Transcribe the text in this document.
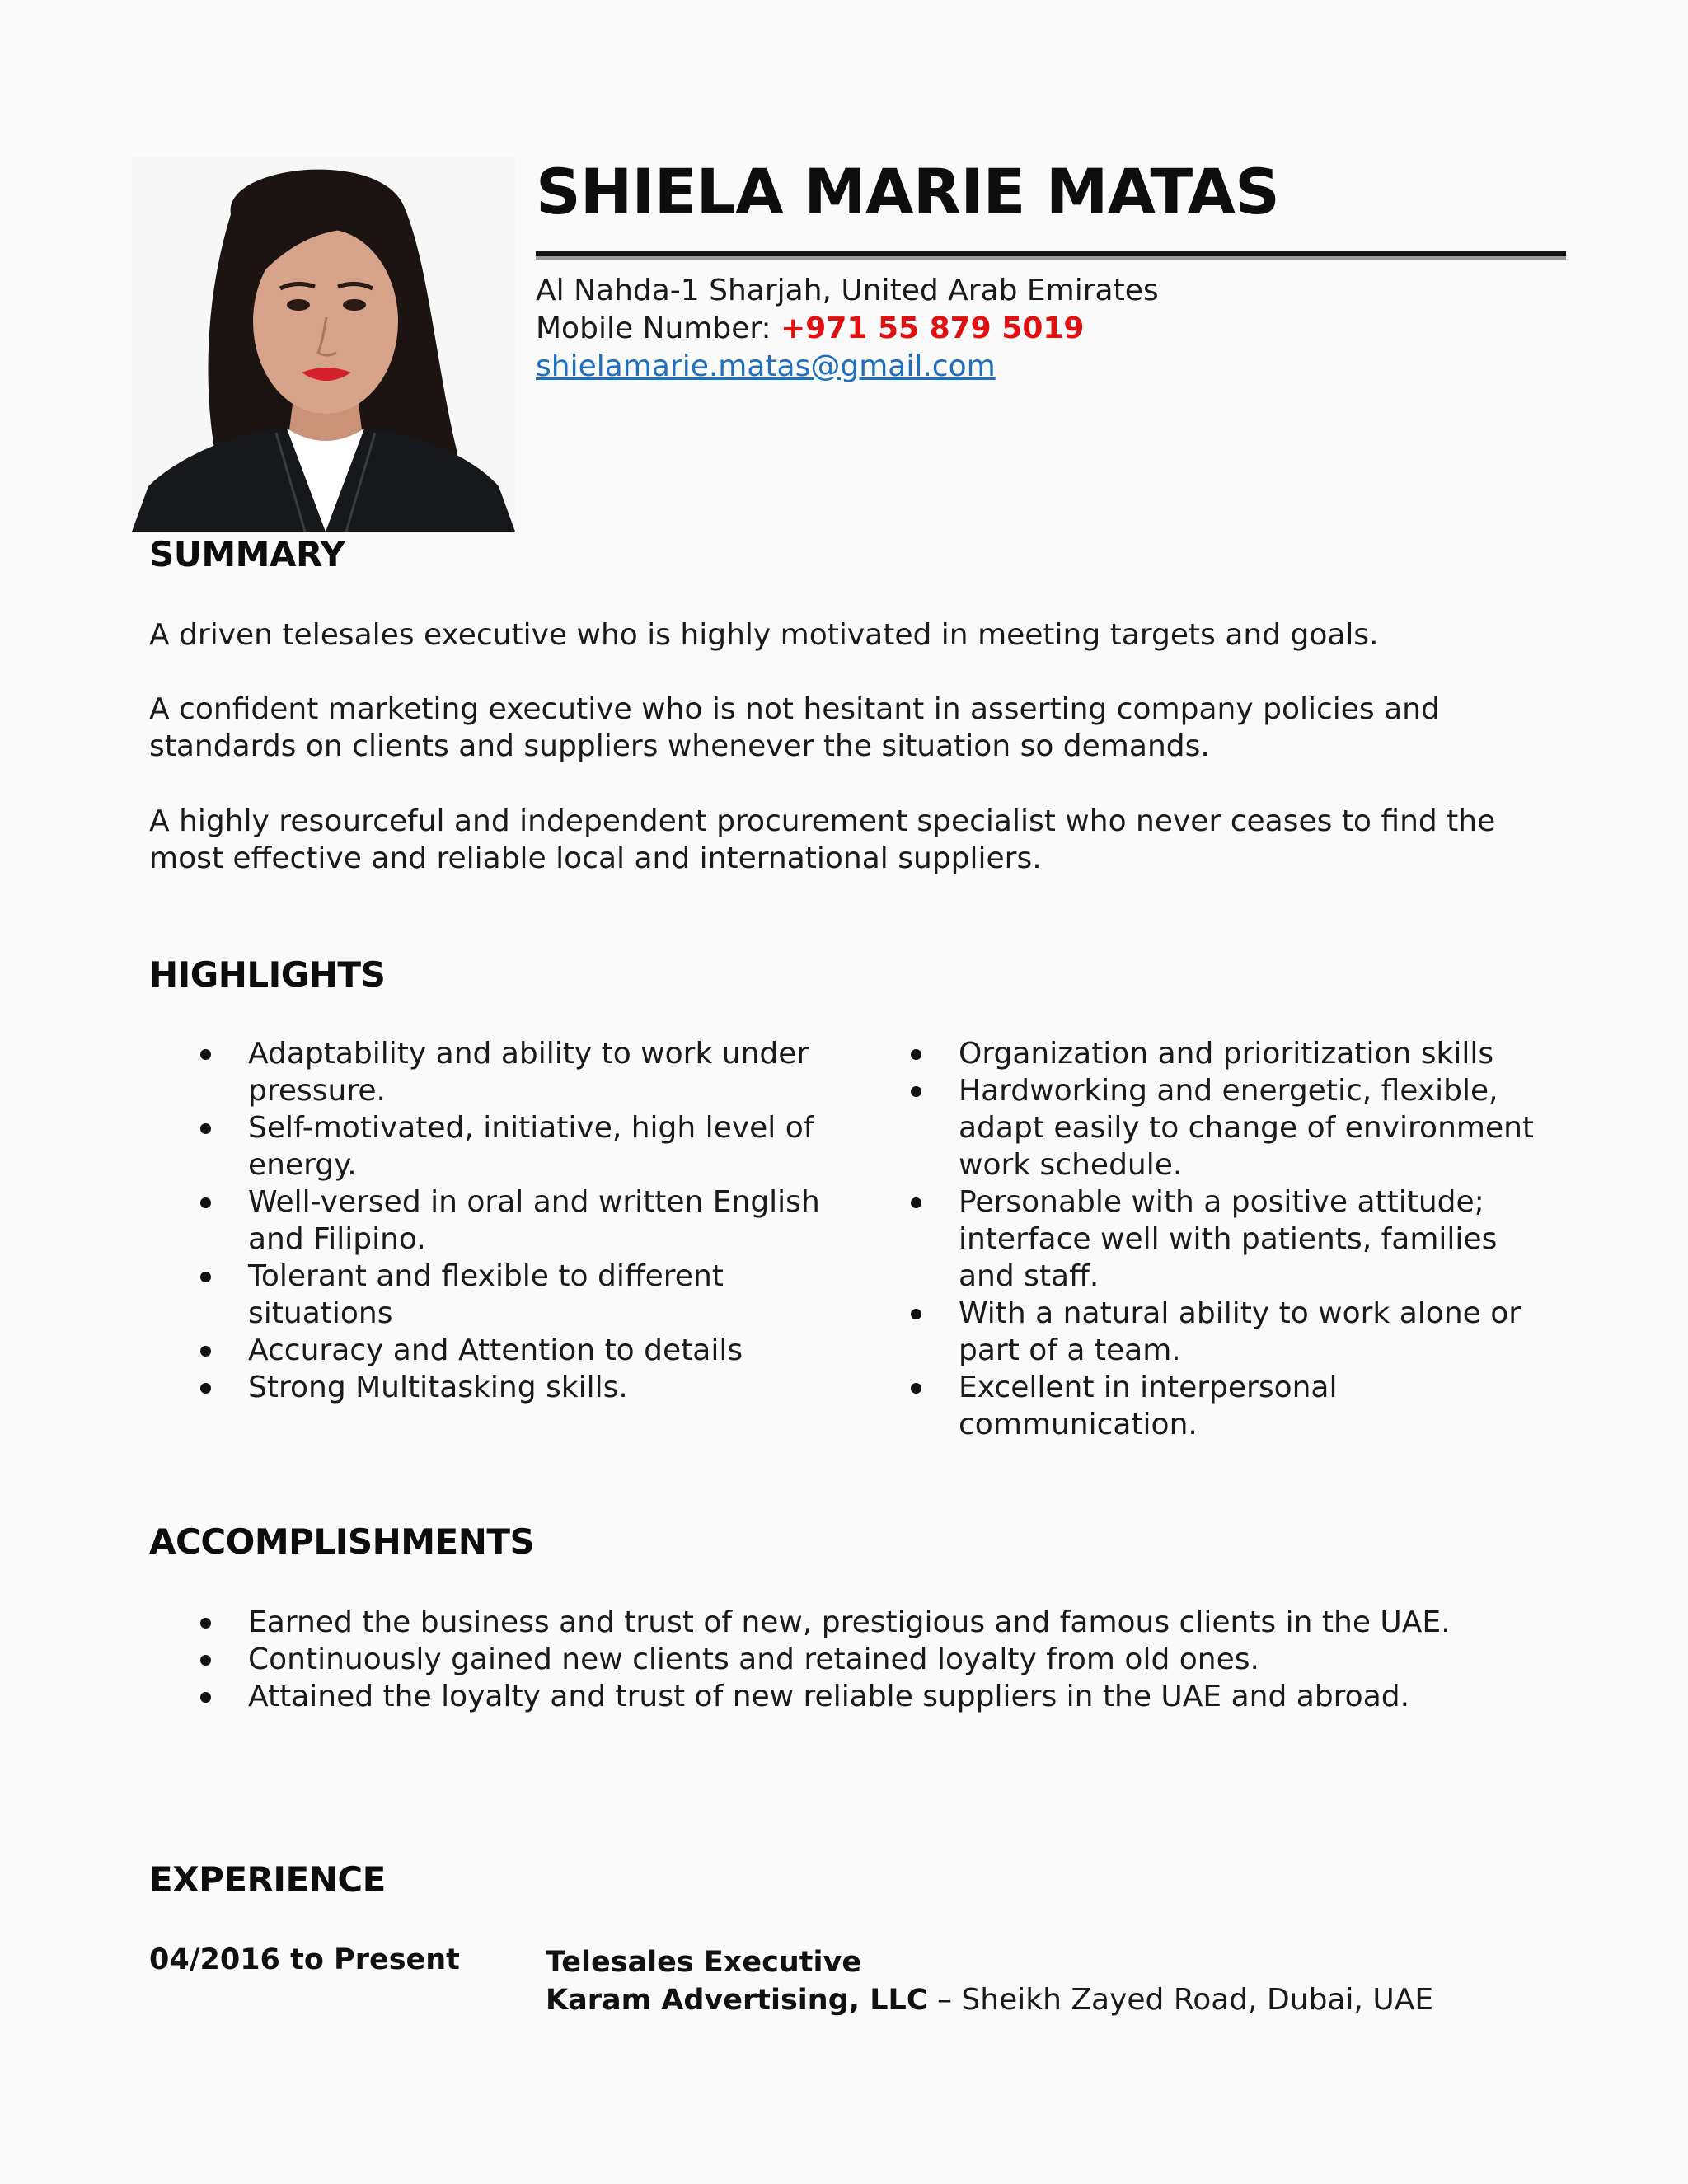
SHIELA MARIE MATAS
Al Nahda-1 Sharjah, United Arab Emirates
Mobile Number: +971 55 879 5019
shielamarie.matas@gmail.com
SUMMARY

A driven telesales executive who is highly motivated in meeting targets and goals.

A confident marketing executive who is not hesitant in asserting company policies and standards on clients and suppliers whenever the situation so demands.

A highly resourceful and independent procurement specialist who never ceases to find the most effective and reliable local and international suppliers.

HIGHLIGHTS
Adaptability and ability to work under pressure.
Self-motivated, initiative, high level of energy.
Well-versed in oral and written English and Filipino.
Tolerant and flexible to different situations
Accuracy and Attention to details
Strong Multitasking skills.
Organization and prioritization skills
Hardworking and energetic, flexible, adapt easily to change of environment work schedule.
Personable with a positive attitude; interface well with patients, families and staff.
With a natural ability to work alone or part of a team.
Excellent in interpersonal communication.
ACCOMPLISHMENTS
Earned the business and trust of new, prestigious and famous clients in the UAE.
Continuously gained new clients and retained loyalty from old ones.
Attained the loyalty and trust of new reliable suppliers in the UAE and abroad.
EXPERIENCE
04/2016 to Present	Telesales Executive
Karam Advertising, LLC – Sheikh Zayed Road, Dubai, UAE
